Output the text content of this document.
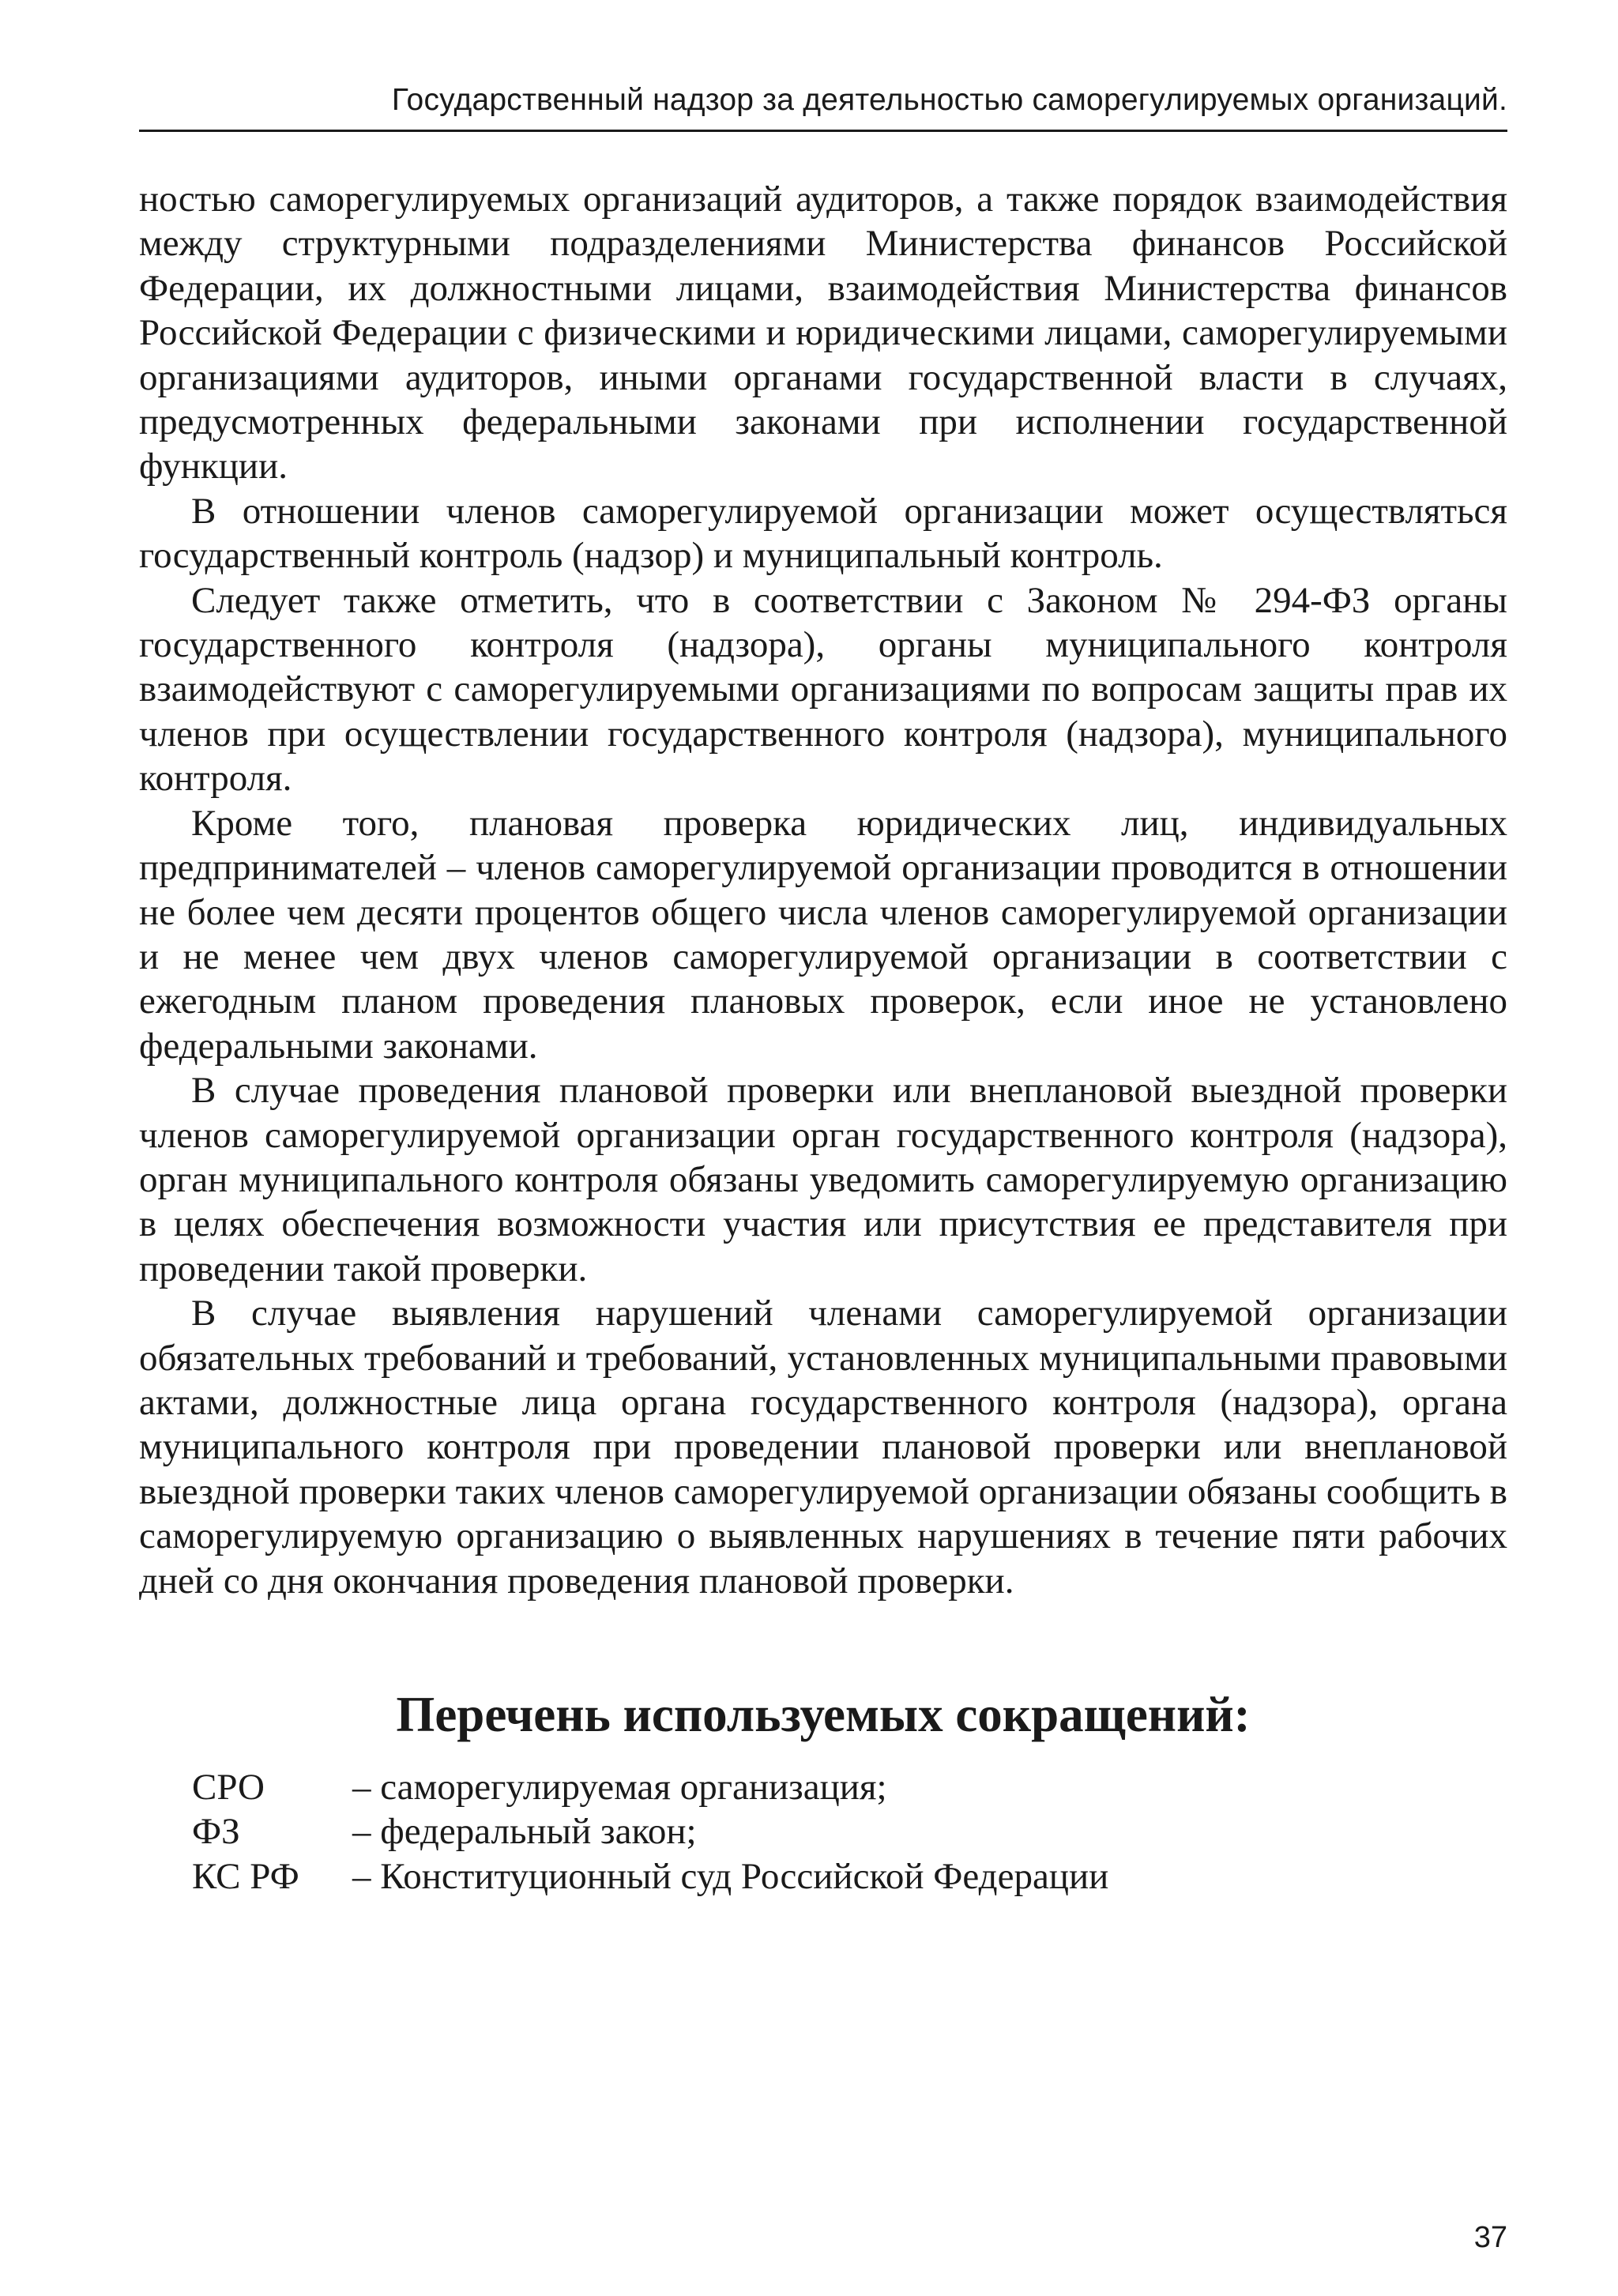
Государственный надзор за деятельностью саморегулируемых организаций.

ностью саморегулируемых организаций аудиторов, а также порядок взаимодействия между структурными подразделениями Министерства финансов Российской Федерации, их должностными лицами, взаимодействия Министерства финансов Российской Федерации с физическими и юридическими лицами, саморегулируемыми организациями аудиторов, иными органами государственной власти в случаях, предусмотренных федеральными законами при исполнении государственной функции.

В отношении членов саморегулируемой организации может осуществляться государственный контроль (надзор) и муниципальный контроль.

Следует также отметить, что в соответствии с Законом № 294-ФЗ органы государственного контроля (надзора), органы муниципального контроля взаимодействуют с саморегулируемыми организациями по вопросам защиты прав их членов при осуществлении государственного контроля (надзора), муниципального контроля.

Кроме того, плановая проверка юридических лиц, индивидуальных предпринимателей – членов саморегулируемой организации проводится в отношении не более чем десяти процентов общего числа членов саморегулируемой организации и не менее чем двух членов саморегулируемой организации в соответствии с ежегодным планом проведения плановых проверок, если иное не установлено федеральными законами.

В случае проведения плановой проверки или внеплановой выездной проверки членов саморегулируемой организации орган государственного контроля (надзора), орган муниципального контроля обязаны уведомить саморегулируемую организацию в целях обеспечения возможности участия или присутствия ее представителя при проведении такой проверки.

В случае выявления нарушений членами саморегулируемой организации обязательных требований и требований, установленных муниципальными правовыми актами, должностные лица органа государственного контроля (надзора), органа муниципального контроля при проведении плановой проверки или внеплановой выездной проверки таких членов саморегулируемой организации обязаны сообщить в саморегулируемую организацию о выявленных нарушениях в течение пяти рабочих дней со дня окончания проведения плановой проверки.

Перечень используемых сокращений:
СРО	– саморегулируемая организация;
ФЗ	– федеральный закон;
КС РФ	– Конституционный суд Российской Федерации
37
